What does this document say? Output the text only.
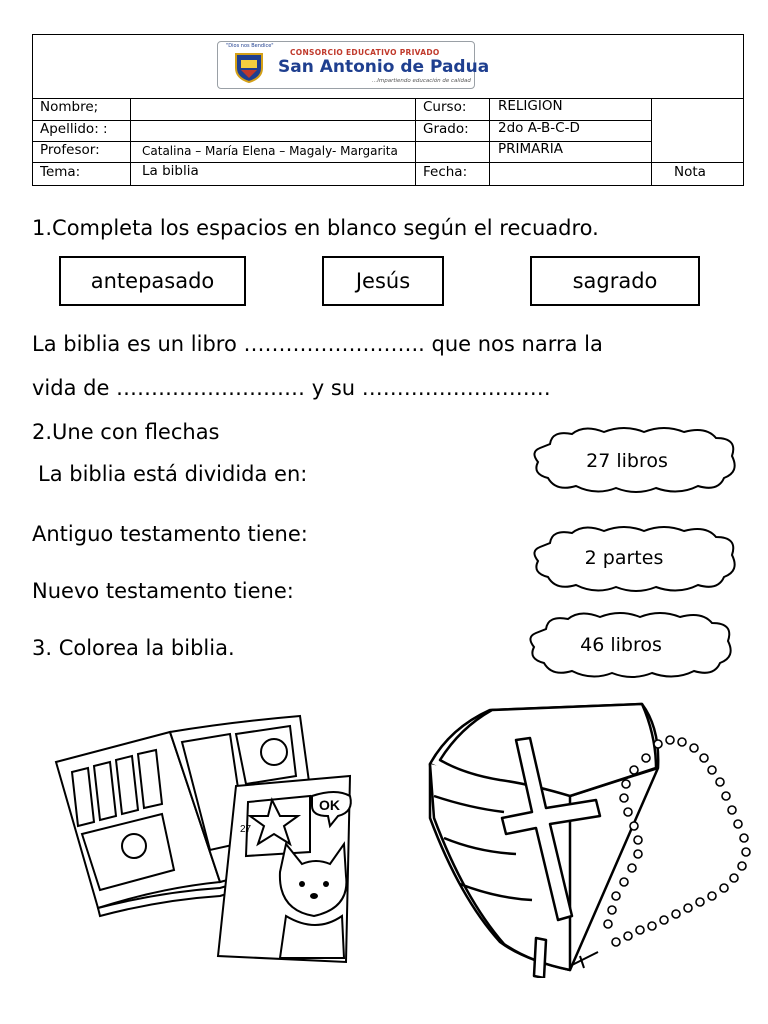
"Dios nos Bendice"
CONSORCIO EDUCATIVO PRIVADO
San Antonio de Padua
...Impartiendo educación de calidad
Nombre;
Apellido: :
Profesor:
Tema:
Catalina – María Elena – Magaly- Margarita
La biblia
Curso:
Grado:
Fecha:
RELIGION
2do A-B-C-D
PRIMARIA
Nota
1.Completa los espacios en blanco según el recuadro.
antepasado	Jesús	sagrado
La biblia es un libro …………………….. que nos narra la
vida de ……………………… y su ………………………
2.Une con flechas
La biblia está dividida en:
Antiguo testamento tiene:
Nuevo testamento tiene:
27 libros
2 partes
46 libros
3. Colorea la biblia.
OK
27
